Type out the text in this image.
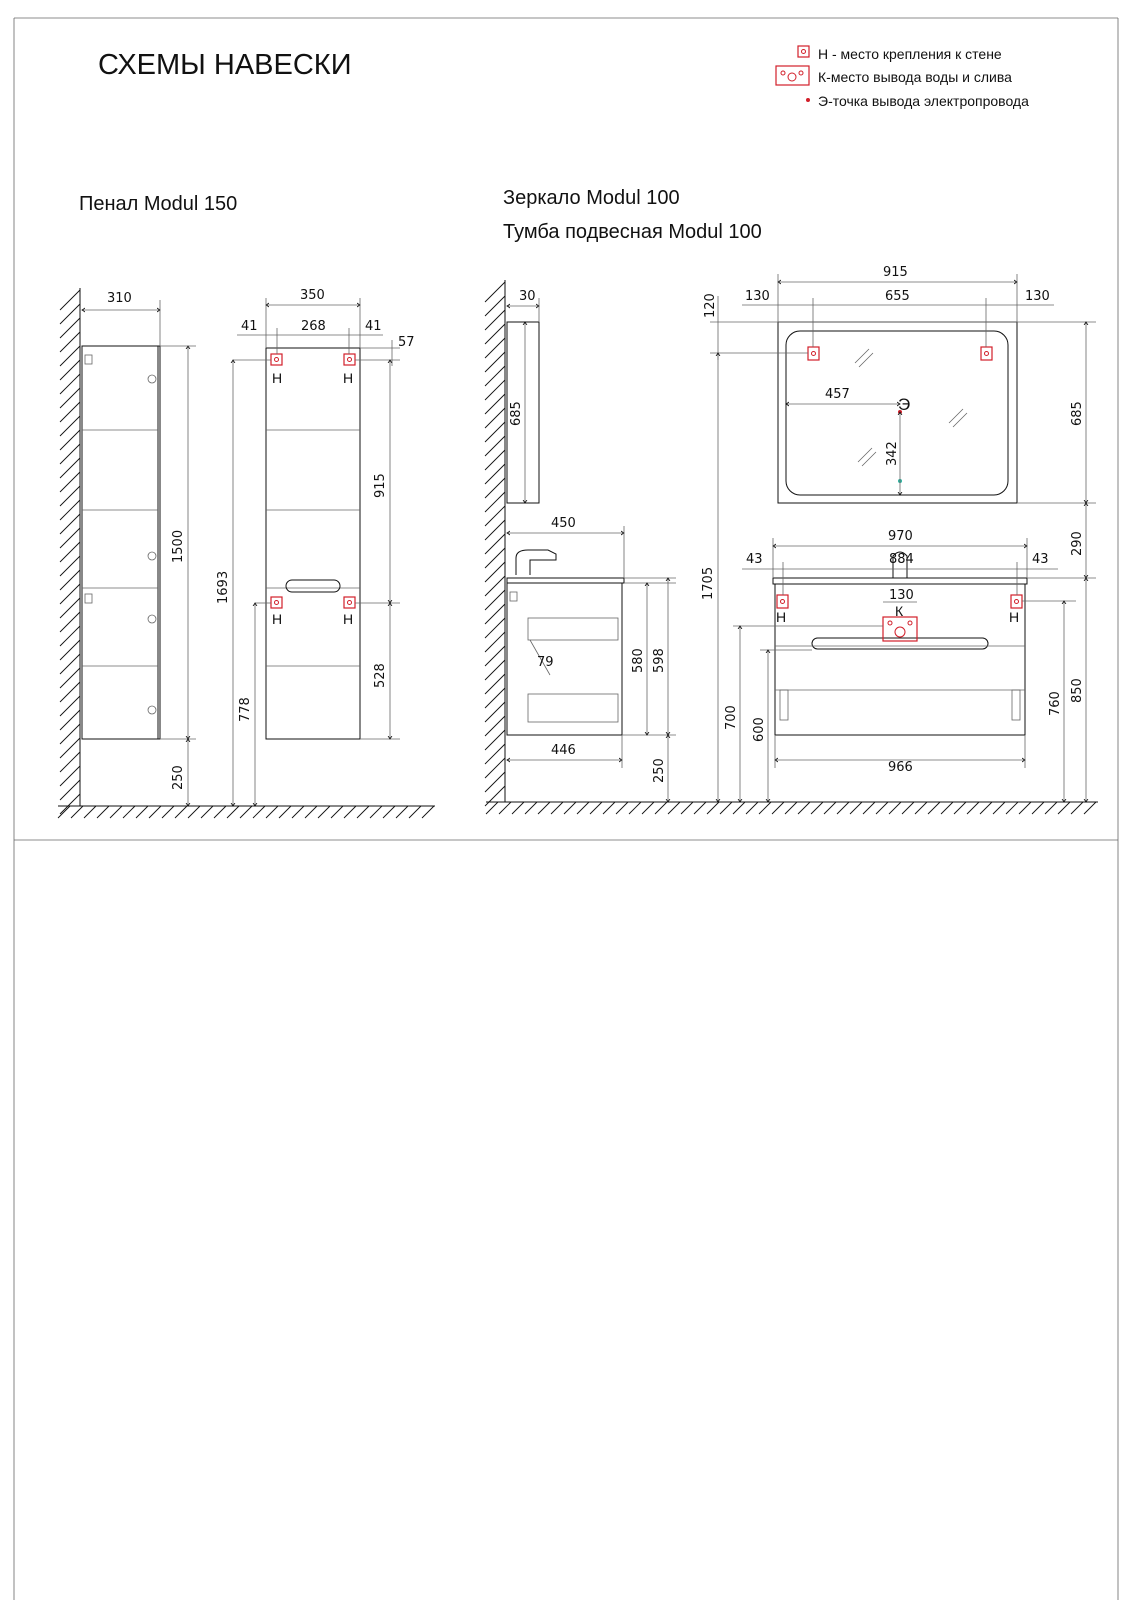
СХЕМЫ НАВЕСКИ	Н - место крепления к стене
К-место вывода воды и слива
Э-точка вывода электропровода
Пенал Modul 150	Зеркало Modul 100
Тумба подвесная Modul 100
310
1500
250
Н	Н
Н	Н
350
41	268	41
57
1693
778
915
528
30
685	Э
915
130	655	130
120
1705
457
342
685
290
450
79
446
580 598
250
Н	Н
К
970
43	884	43
130
966
700 600
760
850
